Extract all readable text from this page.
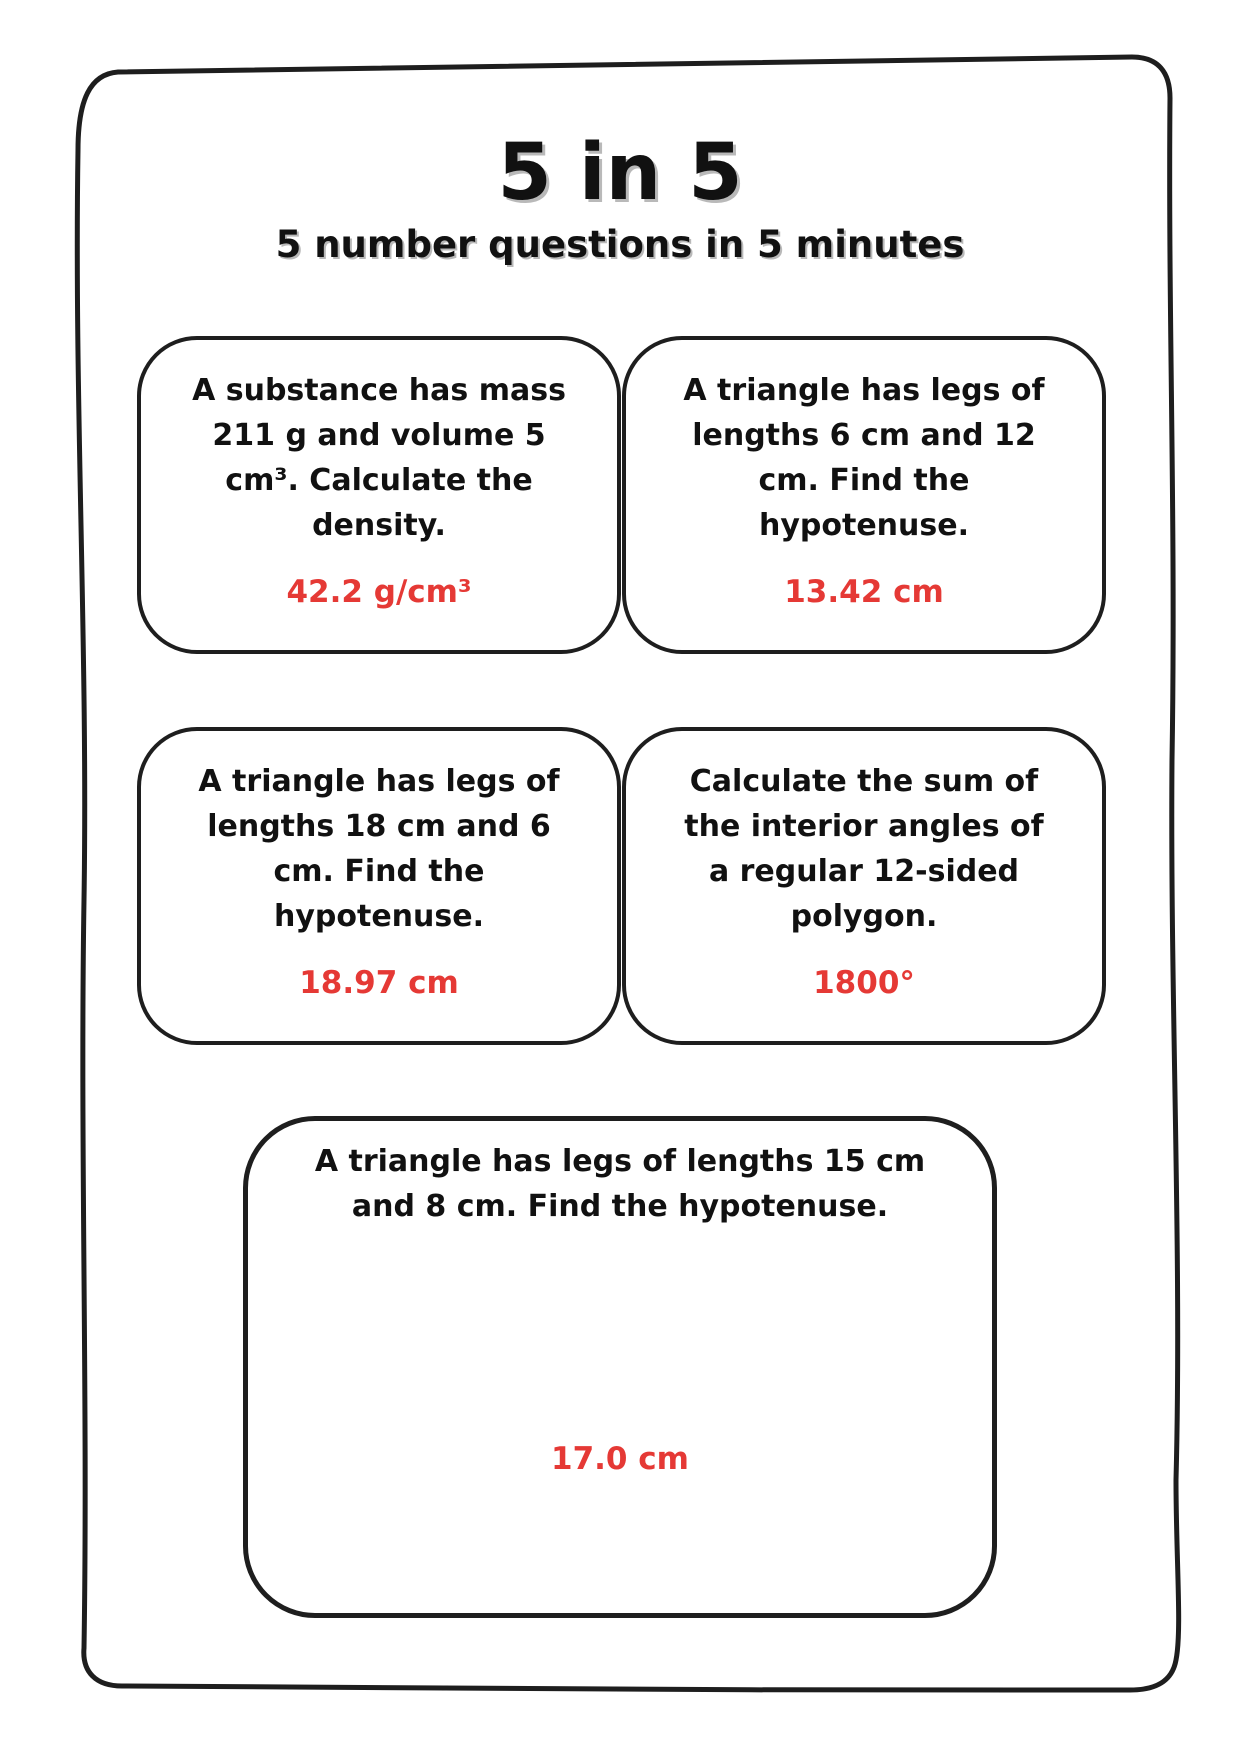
5 in 5
5 number questions in 5 minutes
A substance has mass 211 g and volume 5 cm³. Calculate the density.
42.2 g/cm³
A triangle has legs of lengths 6 cm and 12 cm. Find the hypotenuse.
13.42 cm
A triangle has legs of lengths 18 cm and 6 cm. Find the hypotenuse.
18.97 cm
Calculate the sum of the interior angles of a regular 12-sided polygon.
1800°
A triangle has legs of lengths 15 cm and 8 cm. Find the hypotenuse.
17.0 cm
